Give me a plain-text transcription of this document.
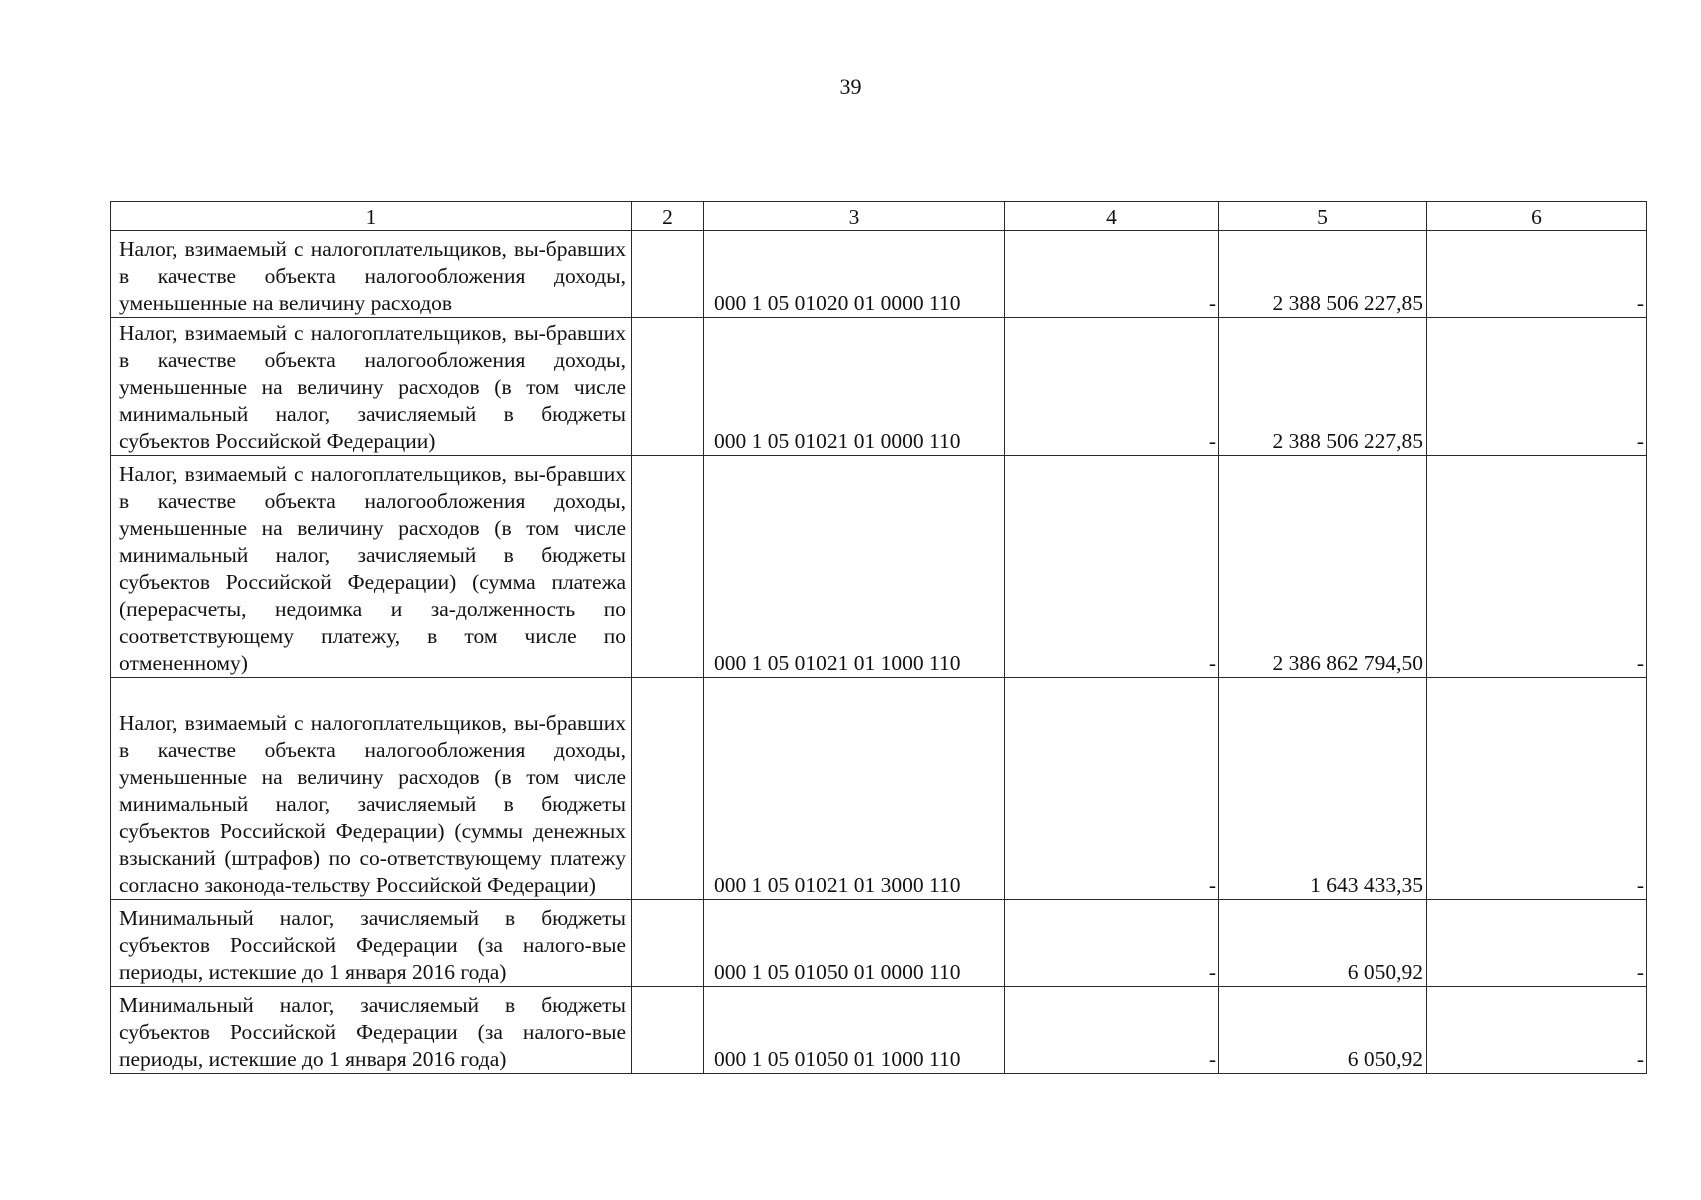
39
1	2	3	4	5	6
Налог, взимаемый с налогоплательщиков, вы-бравших в качестве объекта налогообложения доходы, уменьшенные на величину расходов		000 1 05 01020 01 0000 110	-	2 388 506 227,85	-
Налог, взимаемый с налогоплательщиков, вы-бравших в качестве объекта налогообложения доходы, уменьшенные на величину расходов (в том числе минимальный налог, зачисляемый в бюджеты субъектов Российской Федерации)		000 1 05 01021 01 0000 110	-	2 388 506 227,85	-
Налог, взимаемый с налогоплательщиков, вы-бравших в качестве объекта налогообложения доходы, уменьшенные на величину расходов (в том числе минимальный налог, зачисляемый в бюджеты субъектов Российской Федерации) (сумма платежа (перерасчеты, недоимка и за-долженность по соответствующему платежу, в том числе по отмененному)		000 1 05 01021 01 1000 110	-	2 386 862 794,50	-
Налог, взимаемый с налогоплательщиков, вы-бравших в качестве объекта налогообложения доходы, уменьшенные на величину расходов (в том числе минимальный налог, зачисляемый в бюджеты субъектов Российской Федерации) (суммы денежных взысканий (штрафов) по со-ответствующему платежу согласно законода-тельству Российской Федерации)		000 1 05 01021 01 3000 110	-	1 643 433,35	-
Минимальный налог, зачисляемый в бюджеты субъектов Российской Федерации (за налого-вые периоды, истекшие до 1 января 2016 года)		000 1 05 01050 01 0000 110	-	6 050,92	-
Минимальный налог, зачисляемый в бюджеты субъектов Российской Федерации (за налого-вые периоды, истекшие до 1 января 2016 года)		000 1 05 01050 01 1000 110	-	6 050,92	-
